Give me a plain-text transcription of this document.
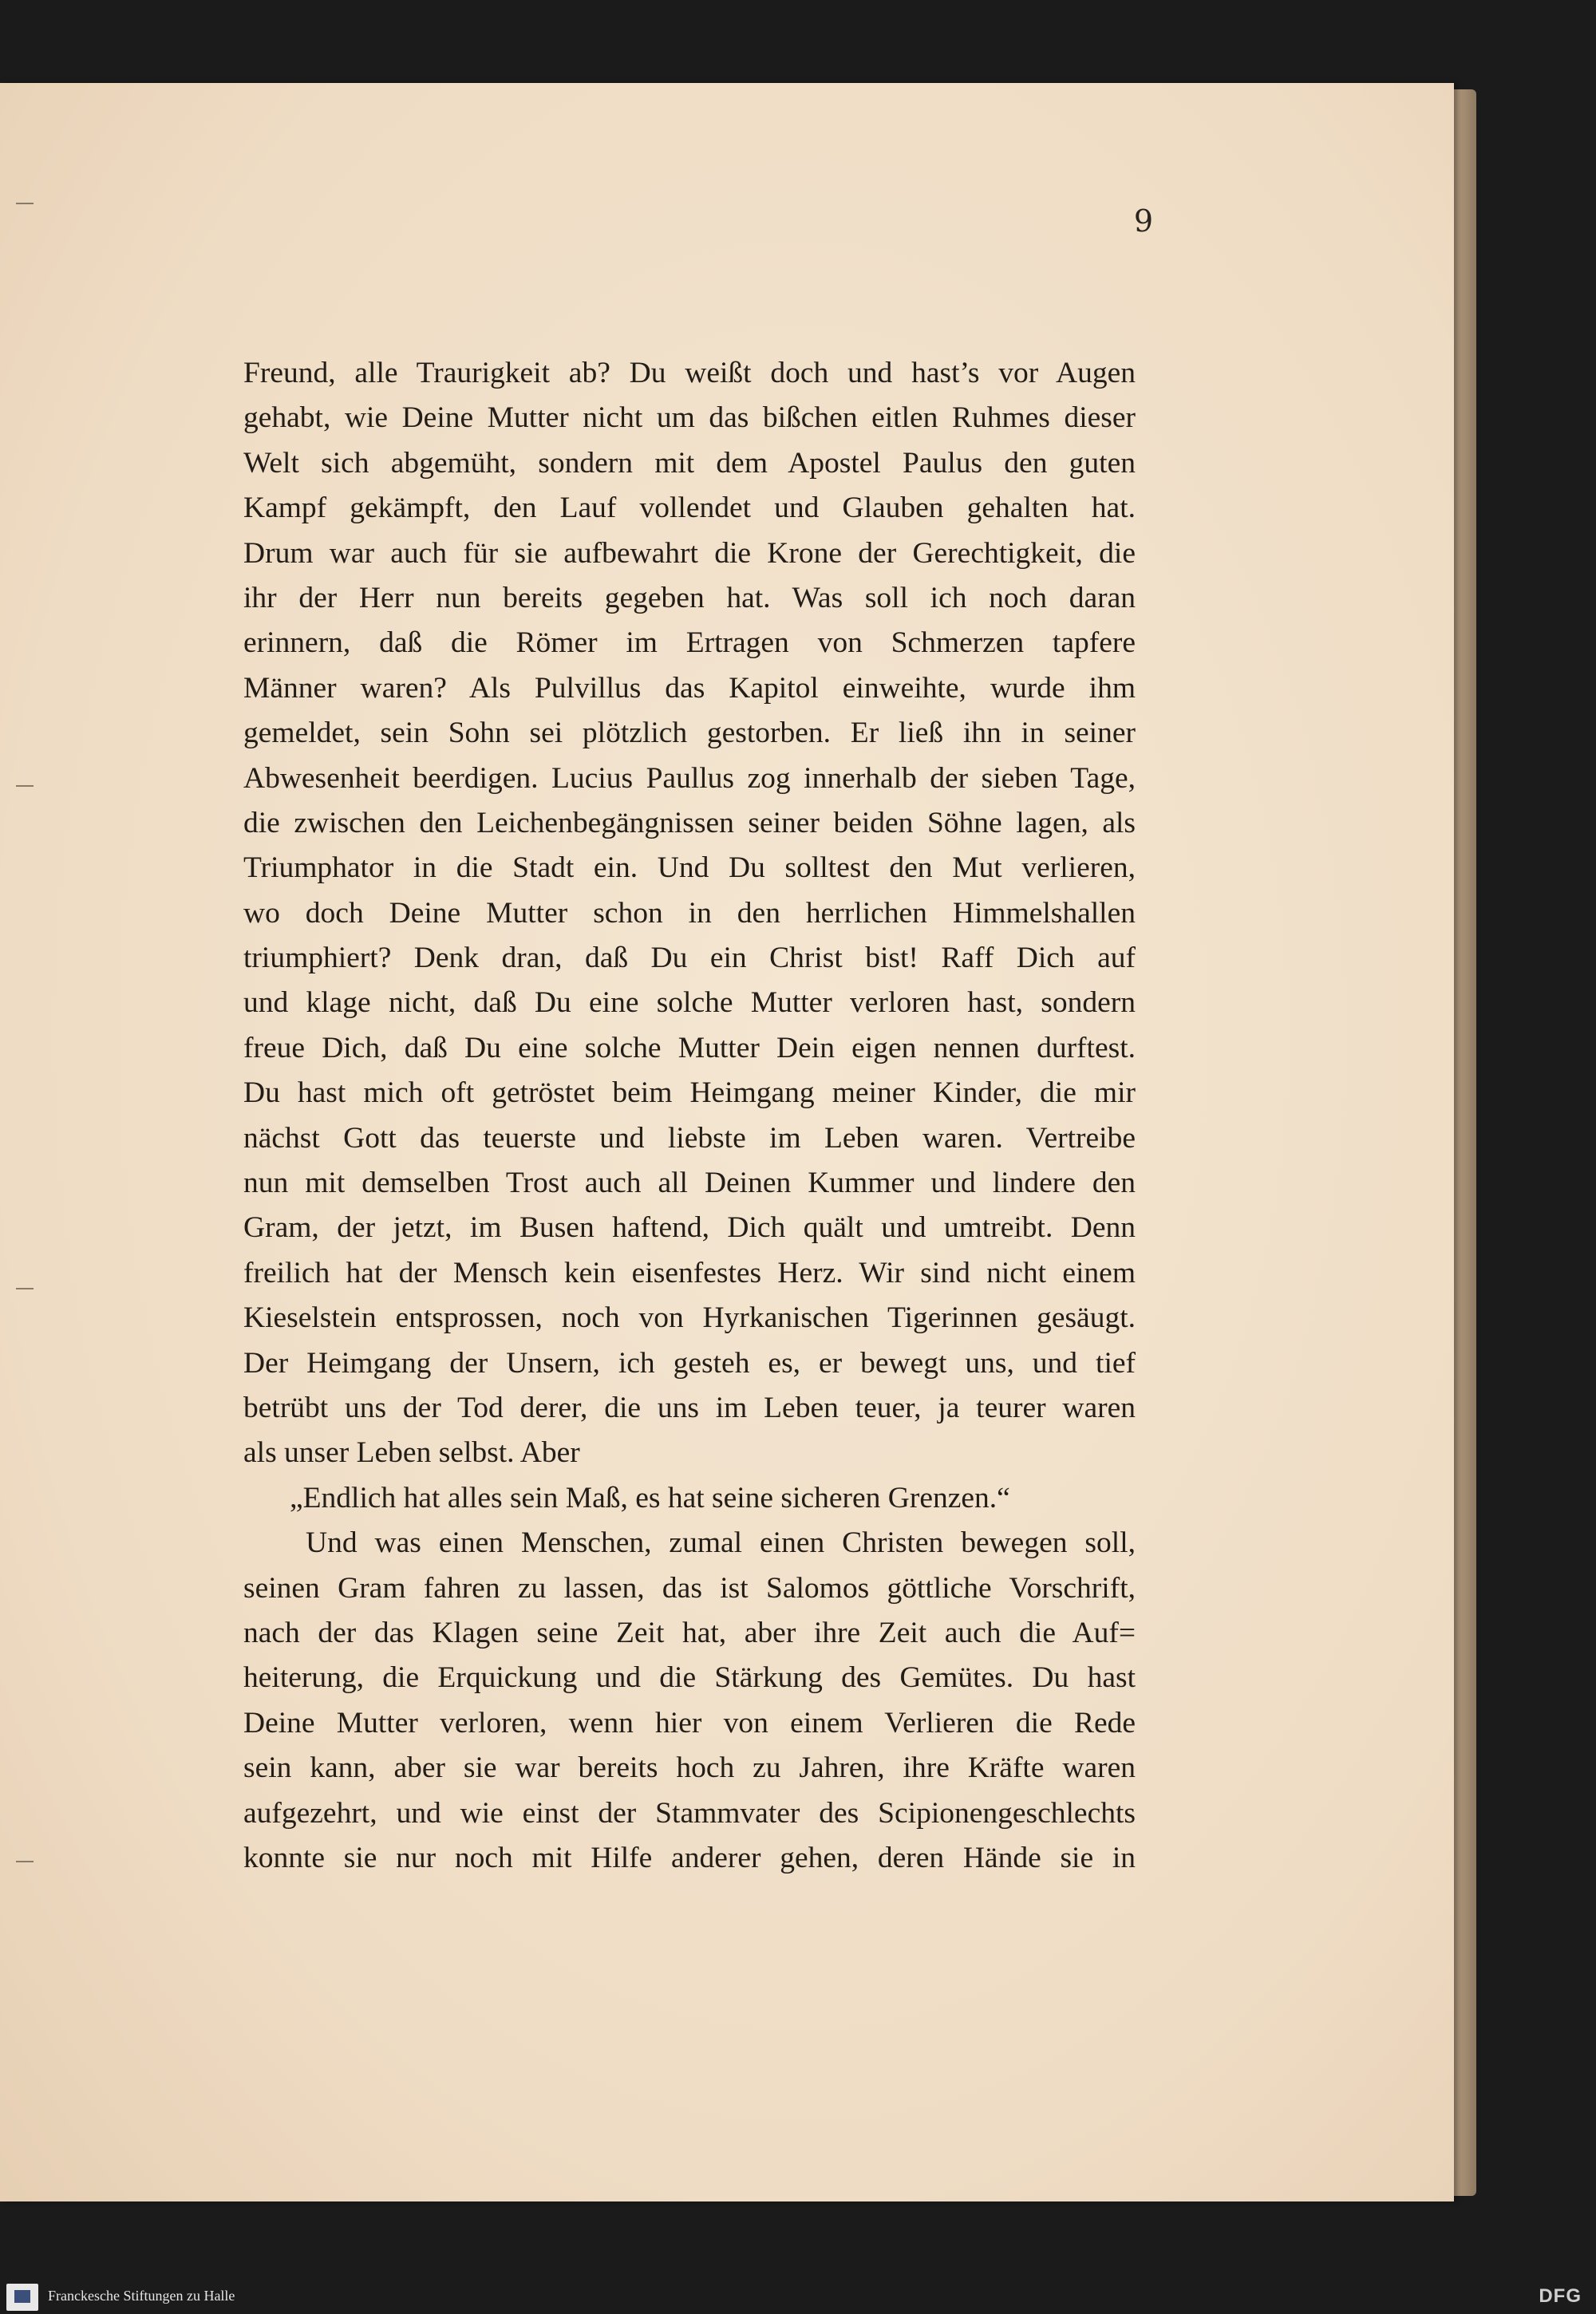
9
Freund, alle Traurigkeit ab? Du weißt doch und hast’s vor Augen
gehabt, wie Deine Mutter nicht um das bißchen eitlen Ruhmes dieser
Welt sich abgemüht, sondern mit dem Apostel Paulus den guten
Kampf gekämpft, den Lauf vollendet und Glauben gehalten hat.
Drum war auch für sie aufbewahrt die Krone der Gerechtigkeit, die
ihr der Herr nun bereits gegeben hat. Was soll ich noch daran
erinnern, daß die Römer im Ertragen von Schmerzen tapfere
Männer waren? Als Pulvillus das Kapitol einweihte, wurde ihm
gemeldet, sein Sohn sei plötzlich gestorben. Er ließ ihn in seiner
Abwesenheit beerdigen. Lucius Paullus zog innerhalb der sieben Tage,
die zwischen den Leichenbegängnissen seiner beiden Söhne lagen, als
Triumphator in die Stadt ein. Und Du solltest den Mut verlieren,
wo doch Deine Mutter schon in den herrlichen Himmelshallen
triumphiert? Denk dran, daß Du ein Christ bist! Raff Dich auf
und klage nicht, daß Du eine solche Mutter verloren hast, sondern
freue Dich, daß Du eine solche Mutter Dein eigen nennen durftest.
Du hast mich oft getröstet beim Heimgang meiner Kinder, die mir
nächst Gott das teuerste und liebste im Leben waren. Vertreibe
nun mit demselben Trost auch all Deinen Kummer und lindere den
Gram, der jetzt, im Busen haftend, Dich quält und umtreibt. Denn
freilich hat der Mensch kein eisenfestes Herz. Wir sind nicht einem
Kieselstein entsprossen, noch von Hyrkanischen Tigerinnen gesäugt.
Der Heimgang der Unsern, ich gesteh es, er bewegt uns, und tief
betrübt uns der Tod derer, die uns im Leben teuer, ja teurer waren
als unser Leben selbst. Aber
„Endlich hat alles sein Maß, es hat seine sicheren Grenzen.“
Und was einen Menschen, zumal einen Christen bewegen soll,
seinen Gram fahren zu lassen, das ist Salomos göttliche Vorschrift,
nach der das Klagen seine Zeit hat, aber ihre Zeit auch die Auf=
heiterung, die Erquickung und die Stärkung des Gemütes. Du hast
Deine Mutter verloren, wenn hier von einem Verlieren die Rede
sein kann, aber sie war bereits hoch zu Jahren, ihre Kräfte waren
aufgezehrt, und wie einst der Stammvater des Scipionengeschlechts
konnte sie nur noch mit Hilfe anderer gehen, deren Hände sie in
Franckesche Stiftungen zu Halle	DFG
